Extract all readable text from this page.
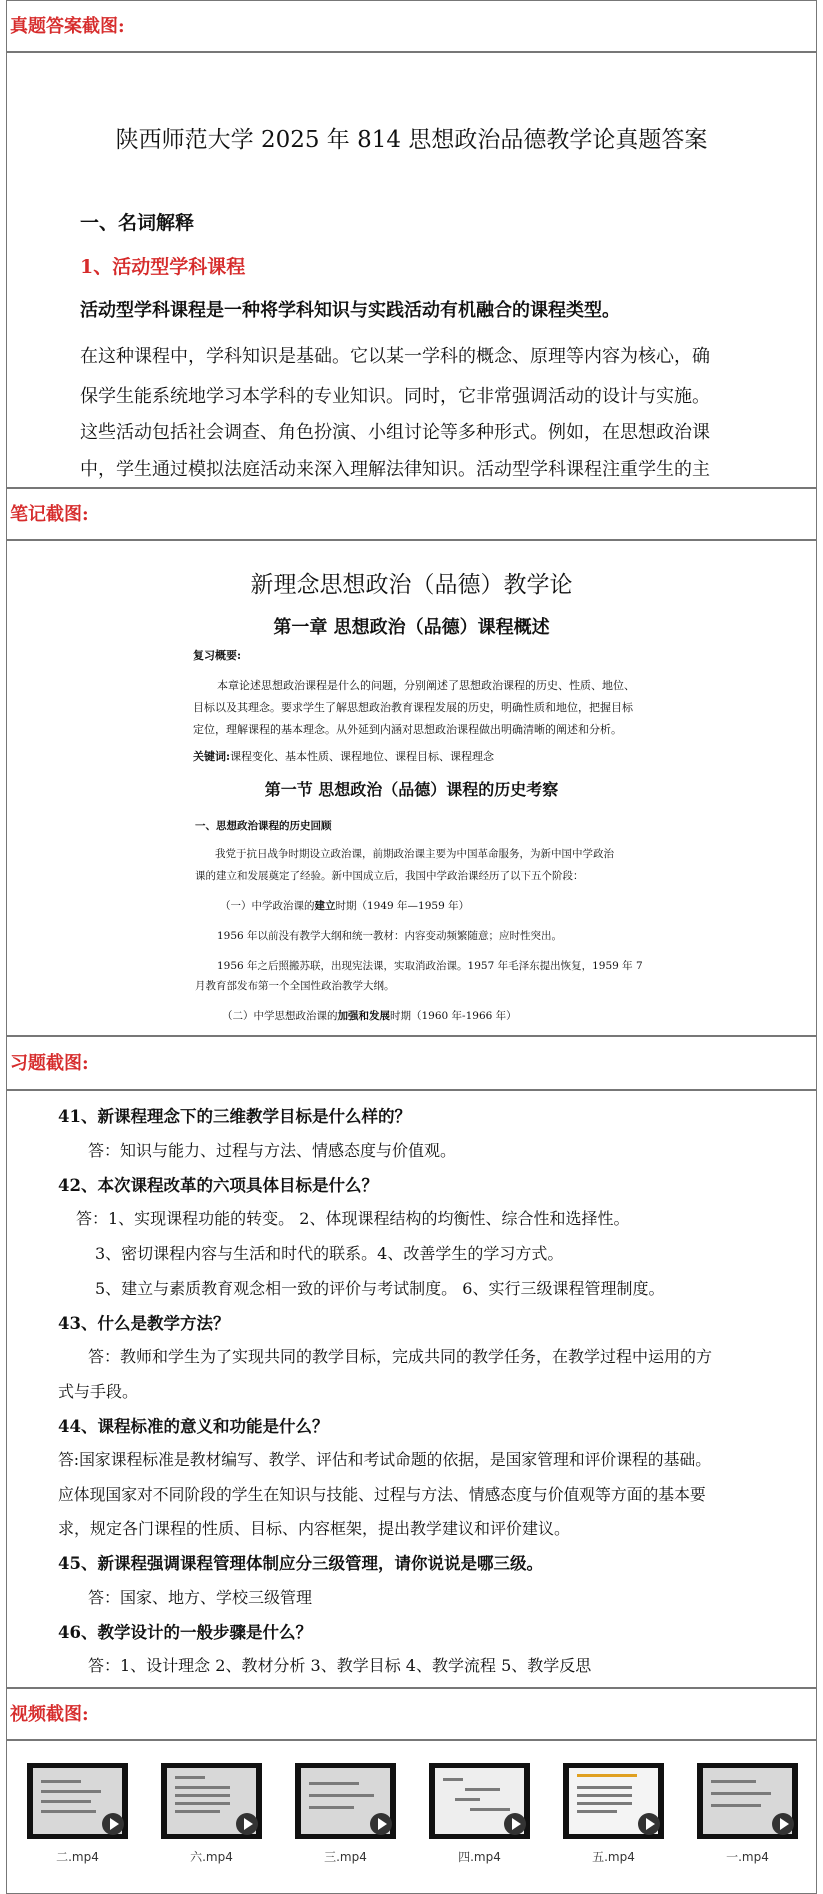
真题答案截图:
陕西师范大学 2025 年 814 思想政治品德教学论真题答案
一、名词解释
1、活动型学科课程
活动型学科课程是一种将学科知识与实践活动有机融合的课程类型。
在这种课程中，学科知识是基础。它以某一学科的概念、原理等内容为核心，确
保学生能系统地学习本学科的专业知识。同时，它非常强调活动的设计与实施。
这些活动包括社会调查、角色扮演、小组讨论等多种形式。例如，在思想政治课
中，学生通过模拟法庭活动来深入理解法律知识。活动型学科课程注重学生的主
笔记截图:
新理念思想政治（品德）教学论
第一章 思想政治（品德）课程概述
复习概要:
本章论述思想政治课程是什么的问题，分别阐述了思想政治课程的历史、性质、地位、
目标以及其理念。要求学生了解思想政治教育课程发展的历史，明确性质和地位，把握目标
定位，理解课程的基本理念。从外延到内涵对思想政治课程做出明确清晰的阐述和分析。
关键词:课程变化、基本性质、课程地位、课程目标、课程理念
第一节 思想政治（品德）课程的历史考察
一、思想政治课程的历史回顾
我党于抗日战争时期设立政治课，前期政治课主要为中国革命服务，为新中国中学政治
课的建立和发展奠定了经验。新中国成立后，我国中学政治课经历了以下五个阶段：
（一）中学政治课的建立时期（1949 年—1959 年）
1956 年以前没有教学大纲和统一教材：内容变动频繁随意；应时性突出。
1956 年之后照搬苏联，出现宪法课，实取消政治课。1957 年毛泽东提出恢复，1959 年 7
月教育部发布第一个全国性政治教学大纲。
（二）中学思想政治课的加强和发展时期（1960 年-1966 年）
习题截图:
41、新课程理念下的三维教学目标是什么样的？
答：知识与能力、过程与方法、情感态度与价值观。
42、本次课程改革的六项具体目标是什么？
答：1、实现课程功能的转变。 2、体现课程结构的均衡性、综合性和选择性。
3、密切课程内容与生活和时代的联系。4、改善学生的学习方式。
5、建立与素质教育观念相一致的评价与考试制度。 6、实行三级课程管理制度。
43、什么是教学方法？
答：教师和学生为了实现共同的教学目标，完成共同的教学任务，在教学过程中运用的方
式与手段。
44、课程标准的意义和功能是什么？
答:国家课程标准是教材编写、教学、评估和考试命题的依据，是国家管理和评价课程的基础。
应体现国家对不同阶段的学生在知识与技能、过程与方法、情感态度与价值观等方面的基本要
求，规定各门课程的性质、目标、内容框架，提出教学建议和评价建议。
45、新课程强调课程管理体制应分三级管理，请你说说是哪三级。
答：国家、地方、学校三级管理
46、教学设计的一般步骤是什么？
答：1、设计理念 2、教材分析 3、教学目标 4、教学流程 5、教学反思
视频截图:
二.mp4	六.mp4	三.mp4	四.mp4	五.mp4	一.mp4
